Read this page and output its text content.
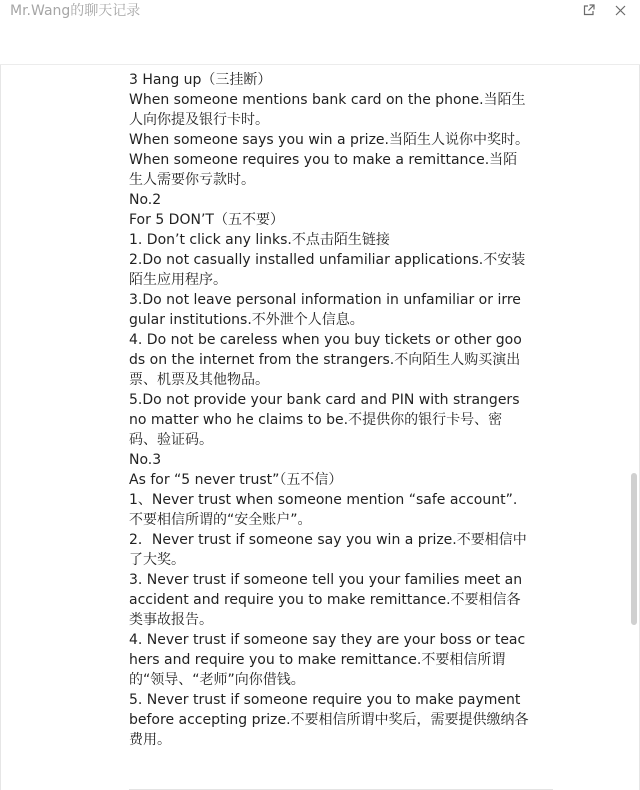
Mr.Wang的聊天记录
3 Hang up（三挂断）
When someone mentions bank card on the phone.当陌生人向你提及银行卡时。
When someone says you win a prize.当陌生人说你中奖时。
When someone requires you to make a remittance.当陌生人需要你亏款时。
No.2
For 5 DON’T（五不要）
1. Don’t click any links.不点击陌生链接
2.Do not casually installed unfamiliar applications.不安装陌生应用程序。
3.Do not leave personal information in unfamiliar or irregular institutions.不外泄个人信息。
4. Do not be careless when you buy tickets or other goods on the internet from the strangers.不向陌生人购买演出票、机票及其他物品。
5.Do not provide your bank card and PIN with strangers no matter who he claims to be.不提供你的银行卡号、密码、验证码。
No.3
As for “5 never trust”（五不信）
1、Never trust when someone mention “safe account”.不要相信所谓的“安全账户”。
2．Never trust if someone say you win a prize.不要相信中了大奖。
3. Never trust if someone tell you your families meet an accident and require you to make remittance.不要相信各类事故报告。
4. Never trust if someone say they are your boss or teachers and require you to make remittance.不要相信所谓的“领导、“老师”向你借钱。
5. Never trust if someone require you to make payment before accepting prize.不要相信所谓中奖后，需要提供缴纳各费用。
